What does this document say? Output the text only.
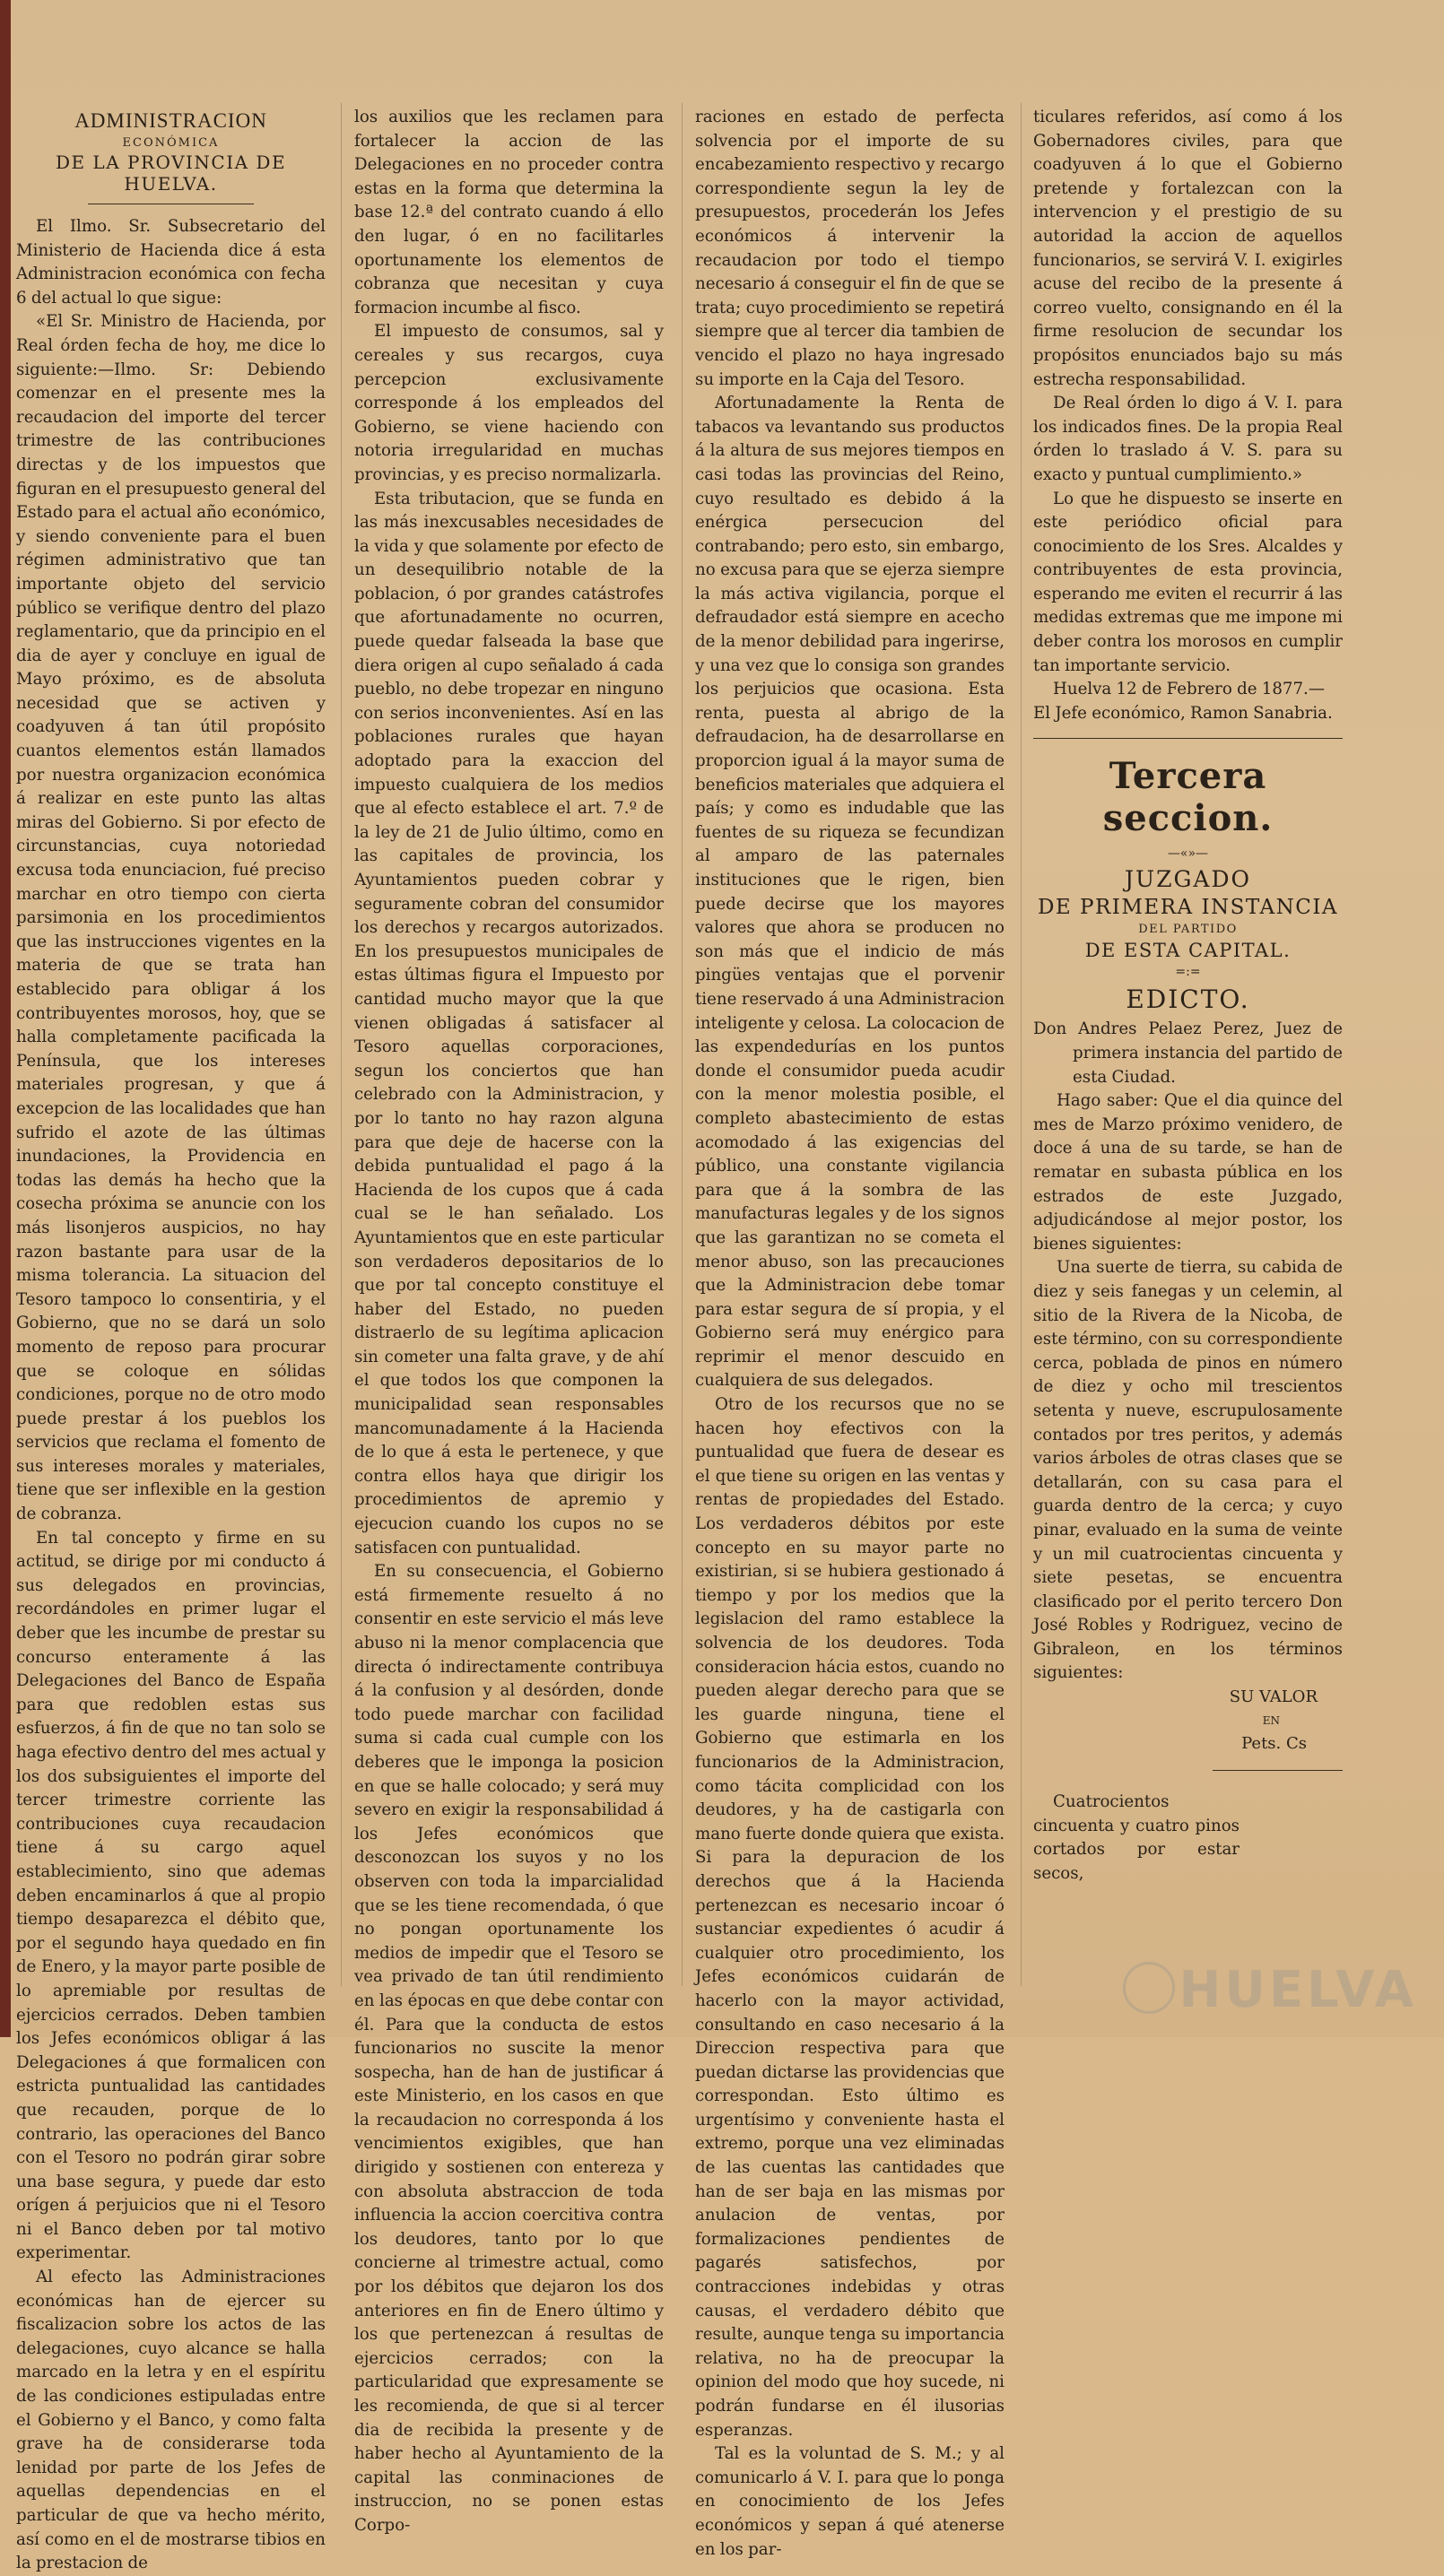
ADMINISTRACION
ECONÓMICA
DE LA PROVINCIA DE HUELVA.

El Ilmo. Sr. Subsecretario del Ministerio de Hacienda dice á esta Administracion económica con fecha 6 del actual lo que sigue:

«El Sr. Ministro de Hacienda, por Real órden fecha de hoy, me dice lo siguiente:—Ilmo. Sr: Debiendo comenzar en el presente mes la recaudacion del importe del tercer trimestre de las contribuciones directas y de los impuestos que figuran en el presupuesto general del Estado para el actual año económico, y siendo conveniente para el buen régimen administrativo que tan importante objeto del servicio público se verifique dentro del plazo reglamentario, que da principio en el dia de ayer y concluye en igual de Mayo próximo, es de absoluta necesidad que se activen y coadyuven á tan útil propósito cuantos elementos están llamados por nuestra organizacion económica á realizar en este punto las altas miras del Gobierno. Si por efecto de circunstancias, cuya notoriedad excusa toda enunciacion, fué preciso marchar en otro tiempo con cierta parsimonia en los procedimientos que las instrucciones vigentes en la materia de que se trata han establecido para obligar á los contribuyentes morosos, hoy, que se halla completamente pacificada la Península, que los intereses materiales progresan, y que á excepcion de las localidades que han sufrido el azote de las últimas inundaciones, la Providencia en todas las demás ha hecho que la cosecha próxima se anuncie con los más lisonjeros auspicios, no hay razon bastante para usar de la misma tolerancia. La situacion del Tesoro tampoco lo consentiria, y el Gobierno, que no se dará un solo momento de reposo para procurar que se coloque en sólidas condiciones, porque no de otro modo puede prestar á los pueblos los servicios que reclama el fomento de sus intereses morales y materiales, tiene que ser inflexible en la gestion de cobranza.

En tal concepto y firme en su actitud, se dirige por mi conducto á sus delegados en provincias, recordándoles en primer lugar el deber que les incumbe de prestar su concurso enteramente á las Delegaciones del Banco de España para que redoblen estas sus esfuerzos, á fin de que no tan solo se haga efectivo dentro del mes actual y los dos subsiguientes el importe del tercer trimestre corriente las contribuciones cuya recaudacion tiene á su cargo aquel establecimiento, sino que ademas deben encaminarlos á que al propio tiempo desaparezca el débito que, por el segundo haya quedado en fin de Enero, y la mayor parte posible de lo apremiable por resultas de ejercicios cerrados. Deben tambien los Jefes económicos obligar á las Delegaciones á que formalicen con estricta puntualidad las cantidades que recauden, porque de lo contrario, las operaciones del Banco con el Tesoro no podrán girar sobre una base segura, y puede dar esto orígen á perjuicios que ni el Tesoro ni el Banco deben por tal motivo experimentar.

Al efecto las Administraciones económicas han de ejercer su fiscalizacion sobre los actos de las delegaciones, cuyo alcance se halla marcado en la letra y en el espíritu de las condiciones estipuladas entre el Gobierno y el Banco, y como falta grave ha de considerarse toda lenidad por parte de los Jefes de aquellas dependencias en el particular de que va hecho mérito, así como en el de mostrarse tibios en la prestacion de

los auxilios que les reclamen para fortalecer la accion de las Delegaciones en no proceder contra estas en la forma que determina la base 12.ª del contrato cuando á ello den lugar, ó en no facilitarles oportunamente los elementos de cobranza que necesitan y cuya formacion incumbe al fisco.

El impuesto de consumos, sal y cereales y sus recargos, cuya percepcion exclusivamente corresponde á los empleados del Gobierno, se viene haciendo con notoria irregularidad en muchas provincias, y es preciso normalizarla.

Esta tributacion, que se funda en las más inexcusables necesidades de la vida y que solamente por efecto de un desequilibrio notable de la poblacion, ó por grandes catástrofes que afortunadamente no ocurren, puede quedar falseada la base que diera origen al cupo señalado á cada pueblo, no debe tropezar en ninguno con serios inconvenientes. Así en las poblaciones rurales que hayan adoptado para la exaccion del impuesto cualquiera de los medios que al efecto establece el art. 7.º de la ley de 21 de Julio último, como en las capitales de provincia, los Ayuntamientos pueden cobrar y seguramente cobran del consumidor los derechos y recargos autorizados. En los presupuestos municipales de estas últimas figura el Impuesto por cantidad mucho mayor que la que vienen obligadas á satisfacer al Tesoro aquellas corporaciones, segun los conciertos que han celebrado con la Administracion, y por lo tanto no hay razon alguna para que deje de hacerse con la debida puntualidad el pago á la Hacienda de los cupos que á cada cual se le han señalado. Los Ayuntamientos que en este particular son verdaderos depositarios de lo que por tal concepto constituye el haber del Estado, no pueden distraerlo de su legítima aplicacion sin cometer una falta grave, y de ahí el que todos los que componen la municipalidad sean responsables mancomunadamente á la Hacienda de lo que á esta le pertenece, y que contra ellos haya que dirigir los procedimientos de apremio y ejecucion cuando los cupos no se satisfacen con puntualidad.

En su consecuencia, el Gobierno está firmemente resuelto á no consentir en este servicio el más leve abuso ni la menor complacencia que directa ó indirectamente contribuya á la confusion y al desórden, donde todo puede marchar con facilidad suma si cada cual cumple con los deberes que le imponga la posicion en que se halle colocado; y será muy severo en exigir la responsabilidad á los Jefes económicos que desconozcan los suyos y no los observen con toda la imparcialidad que se les tiene recomendada, ó que no pongan oportunamente los medios de impedir que el Tesoro se vea privado de tan útil rendimiento en las épocas en que debe contar con él. Para que la conducta de estos funcionarios no suscite la menor sospecha, han de han de justificar á este Ministerio, en los casos en que la recaudacion no corresponda á los vencimientos exigibles, que han dirigido y sostienen con entereza y con absoluta abstraccion de toda influencia la accion coercitiva contra los deudores, tanto por lo que concierne al trimestre actual, como por los débitos que dejaron los dos anteriores en fin de Enero último y los que pertenezcan á resultas de ejercicios cerrados; con la particularidad que expresamente se les recomienda, de que si al tercer dia de recibida la presente y de haber hecho al Ayuntamiento de la capital las conminaciones de instruccion, no se ponen estas Corpo-

raciones en estado de perfecta solvencia por el importe de su encabezamiento respectivo y recargo correspondiente segun la ley de presupuestos, procederán los Jefes económicos á intervenir la recaudacion por todo el tiempo necesario á conseguir el fin de que se trata; cuyo procedimiento se repetirá siempre que al tercer dia tambien de vencido el plazo no haya ingresado su importe en la Caja del Tesoro.

Afortunadamente la Renta de tabacos va levantando sus productos á la altura de sus mejores tiempos en casi todas las provincias del Reino, cuyo resultado es debido á la enérgica persecucion del contrabando; pero esto, sin embargo, no excusa para que se ejerza siempre la más activa vigilancia, porque el defraudador está siempre en acecho de la menor debilidad para ingerirse, y una vez que lo consiga son grandes los perjuicios que ocasiona. Esta renta, puesta al abrigo de la defraudacion, ha de desarrollarse en proporcion igual á la mayor suma de beneficios materiales que adquiera el país; y como es indudable que las fuentes de su riqueza se fecundizan al amparo de las paternales instituciones que le rigen, bien puede decirse que los mayores valores que ahora se producen no son más que el indicio de más pingües ventajas que el porvenir tiene reservado á una Administracion inteligente y celosa. La colocacion de las expendedurías en los puntos donde el consumidor pueda acudir con la menor molestia posible, el completo abastecimiento de estas acomodado á las exigencias del público, una constante vigilancia para que á la sombra de las manufacturas legales y de los signos que las garantizan no se cometa el menor abuso, son las precauciones que la Administracion debe tomar para estar segura de sí propia, y el Gobierno será muy enérgico para reprimir el menor descuido en cualquiera de sus delegados.

Otro de los recursos que no se hacen hoy efectivos con la puntualidad que fuera de desear es el que tiene su origen en las ventas y rentas de propiedades del Estado. Los verdaderos débitos por este concepto en su mayor parte no existirian, si se hubiera gestionado á tiempo y por los medios que la legislacion del ramo establece la solvencia de los deudores. Toda consideracion hácia estos, cuando no pueden alegar derecho para que se les guarde ninguna, tiene el Gobierno que estimarla en los funcionarios de la Administracion, como tácita complicidad con los deudores, y ha de castigarla con mano fuerte donde quiera que exista. Si para la depuracion de los derechos que á la Hacienda pertenezcan es necesario incoar ó sustanciar expedientes ó acudir á cualquier otro procedimiento, los Jefes económicos cuidarán de hacerlo con la mayor actividad, consultando en caso necesario á la Direccion respectiva para que puedan dictarse las providencias que correspondan. Esto último es urgentísimo y conveniente hasta el extremo, porque una vez eliminadas de las cuentas las cantidades que han de ser baja en las mismas por anulacion de ventas, por formalizaciones pendientes de pagarés satisfechos, por contracciones indebidas y otras causas, el verdadero débito que resulte, aunque tenga su importancia relativa, no ha de preocupar la opinion del modo que hoy sucede, ni podrán fundarse en él ilusorias esperanzas.

Tal es la voluntad de S. M.; y al comunicarlo á V. I. para que lo ponga en conocimiento de los Jefes económicos y sepan á qué atenerse en los par-

ticulares referidos, así como á los Gobernadores civiles, para que coadyuven á lo que el Gobierno pretende y fortalezcan con la intervencion y el prestigio de su autoridad la accion de aquellos funcionarios, se servirá V. I. exigirles acuse del recibo de la presente á correo vuelto, consignando en él la firme resolucion de secundar los propósitos enunciados bajo su más estrecha responsabilidad.

De Real órden lo digo á V. I. para los indicados fines. De la propia Real órden lo traslado á V. S. para su exacto y puntual cumplimiento.»

Lo que he dispuesto se inserte en este periódico oficial para conocimiento de los Sres. Alcaldes y contribuyentes de esta provincia, esperando me eviten el recurrir á las medidas extremas que me impone mi deber contra los morosos en cumplir tan importante servicio.

Huelva 12 de Febrero de 1877.—

El Jefe económico, Ramon Sanabria.

Tercera seccion.
—«»—
JUZGADO
DE PRIMERA INSTANCIA
DEL PARTIDO
DE ESTA CAPITAL.
=:=
EDICTO.

Don Andres Pelaez Perez, Juez de primera instancia del partido de esta Ciudad.

Hago saber: Que el dia quince del mes de Marzo próximo venidero, de doce á una de su tarde, se han de rematar en subasta pública en los estrados de este Juzgado, adjudicándose al mejor postor, los bienes siguientes:

Una suerte de tierra, su cabida de diez y seis fanegas y un celemin, al sitio de la Rivera de la Nicoba, de este término, con su correspondiente cerca, poblada de pinos en número de diez y ocho mil trescientos setenta y nueve, escrupulosamente contados por tres peritos, y además varios árboles de otras clases que se detallarán, con su casa para el guarda dentro de la cerca; y cuyo pinar, evaluado en la suma de veinte y un mil cuatrocientas cincuenta y siete pesetas, se encuentra clasificado por el perito tercero Don José Robles y Rodriguez, vecino de Gibraleon, en los términos siguientes:

SU VALOR
EN
Pets. Cs

Cuatrocientos cincuenta y cuatro pinos cortados por estar secos,

HUELVA
